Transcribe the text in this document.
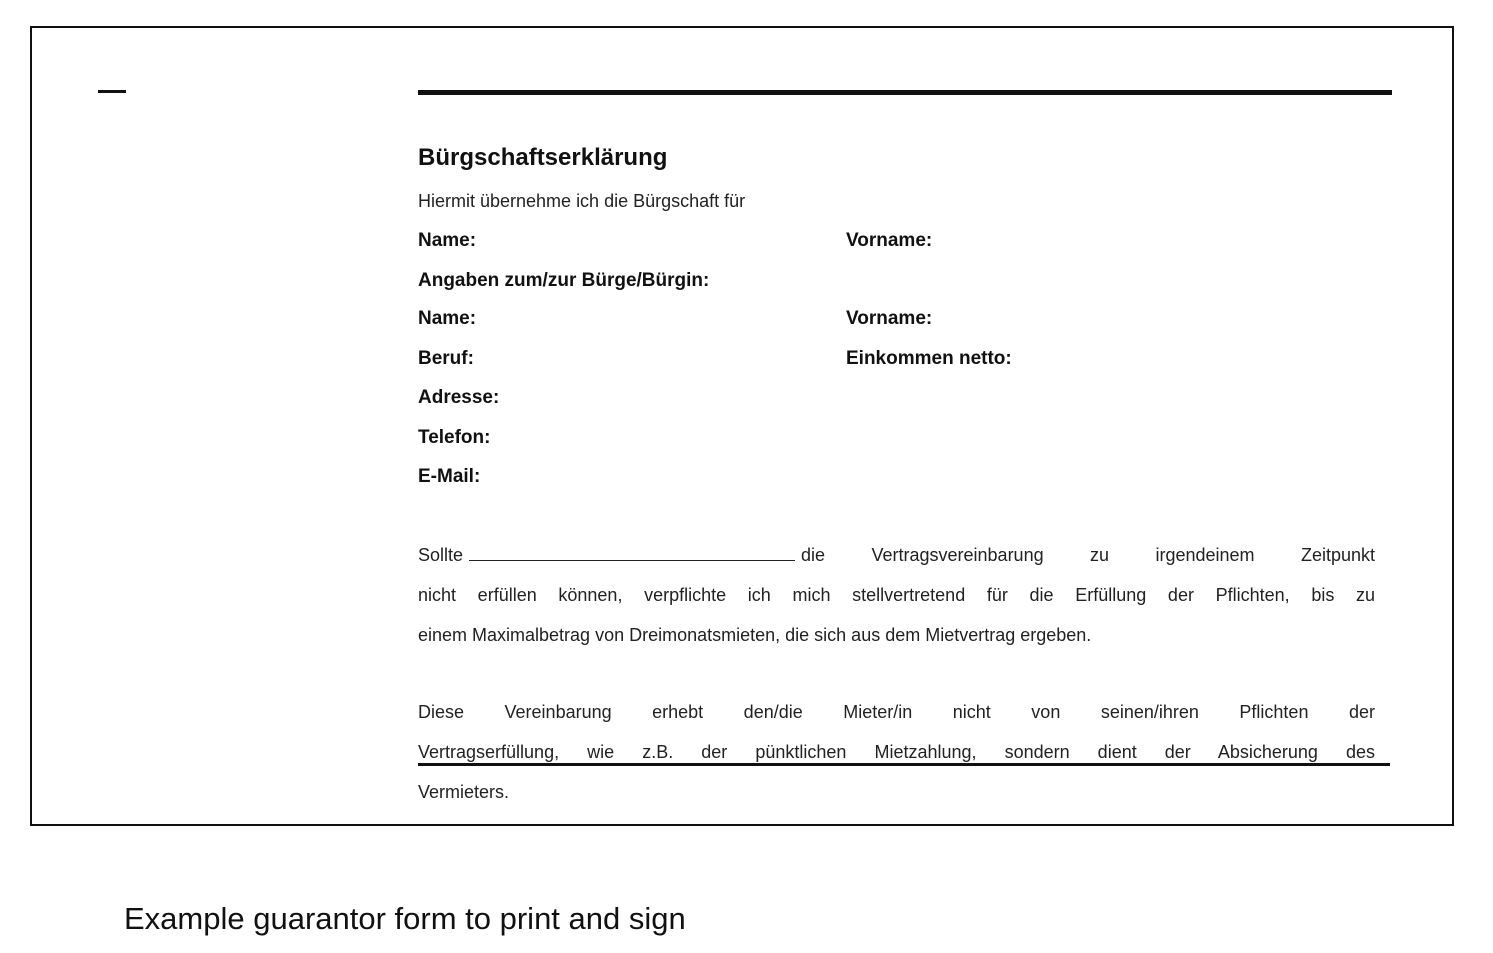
Bürgschaftserklärung
Hiermit übernehme ich die Bürgschaft für
Name:	Vorname:
Angaben zum/zur Bürge/Bürgin:
Name:	Vorname:
Beruf:	Einkommen netto:
Adresse:
Telefon:
E-Mail:
Sollte	die Vertragsvereinbarung zu irgendeinem Zeitpunkt
nicht erfüllen können, verpflichte ich mich stellvertretend für die Erfüllung der Pflichten, bis zu
einem Maximalbetrag von Dreimonatsmieten, die sich aus dem Mietvertrag ergeben.
Diese Vereinbarung erhebt den/die Mieter/in nicht von seinen/ihren Pflichten der
Vertragserfüllung, wie z.B. der pünktlichen Mietzahlung, sondern dient der Absicherung des
Vermieters.
Example guarantor form to print and sign
